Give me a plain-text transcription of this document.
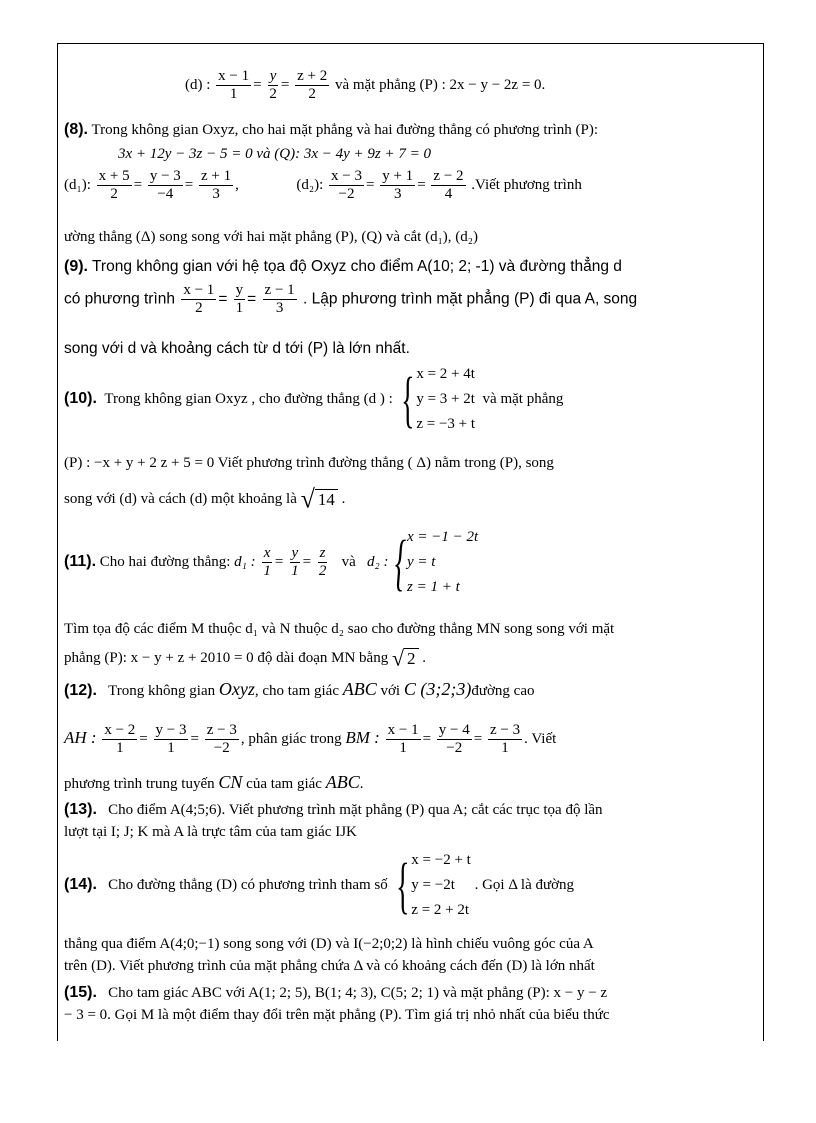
(d) : $\frac{x - 1}{1} = \frac{y}{2} = \frac{z + 2}{2}$ và mặt phẳng (P) : 2x − y − 2z = 0.
(8). Trong không gian Oxyz, cho hai mặt phẳng và hai đường thẳng có phương trình (P):
3x + 12y − 3z − 5 = 0 và (Q): 3x − 4y + 9z + 7 = 0
(d₁): $\frac{x + 5}{2} = \frac{y - 3}{-4} = \frac{z + 1}{3}$ ,	(d₂): $\frac{x - 3}{-2} = \frac{y + 1}{3} = \frac{z - 2}{4}$ .Viết phương trình
ường thẳng (Δ) song song với hai mặt phẳng (P), (Q) và cắt (d₁), (d₂)
(9). Trong không gian với hệ tọa độ Oxyz cho điểm A(10; 2; -1) và đường thẳng d
có phương trình $\frac{x - 1}{2} = \frac{y}{1} = \frac{z - 1}{3}$ . Lập phương trình mặt phẳng (P) đi qua A, song
song với d và khoảng cách từ d tới (P) là lớn nhất.
(10). Trong không gian Oxyz , cho đường thẳng (d ) : { x = 2 + 4t
y = 3 + 2t
z = −3 + t
và mặt phẳng
(P) : −x + y + 2 z + 5 = 0 Viết phương trình đường thẳng ( Δ) nằm trong (P), song
song với (d) và cách (d) một khoảng là √ 14 .
(11). Cho hai đường thẳng: d₁ : $\frac{x}{1} = \frac{y}{1} = \frac{z}{2}$ và d₂ : { x = −1 − 2t
y = t
z = 1 + t
Tìm tọa độ các điểm M thuộc d₁ và N thuộc d₂ sao cho đường thẳng MN song song với mặt
phẳng (P): x − y + z + 2010 = 0 độ dài đoạn MN bằng √ 2 .
(12). Trong không gian Oxyz, cho tam giác ABC với C (3;2;3)đường cao
AH : $\frac{x - 2}{1} = \frac{y - 3}{1} = \frac{z - 3}{-2}$ , phân giác trong BM : $\frac{x - 1}{1} = \frac{y - 4}{-2} = \frac{z - 3}{1}$ . Viết
phương trình trung tuyến CN của tam giác ABC.
(13). Cho điểm A(4;5;6). Viết phương trình mặt phẳng (P) qua A; cắt các trục tọa độ lần
lượt tại I; J; K mà A là trực tâm của tam giác IJK
(14). Cho đường thẳng (D) có phương trình tham số { x = −2 + t
y = −2t
z = 2 + 2t
. Gọi Δ là đường
thẳng qua điểm A(4;0;−1) song song với (D) và I(−2;0;2) là hình chiếu vuông góc của A
trên (D). Viết phương trình của mặt phẳng chứa Δ và có khoảng cách đến (D) là lớn nhất
(15). Cho tam giác ABC với A(1; 2; 5), B(1; 4; 3), C(5; 2; 1) và mặt phẳng (P): x − y − z
− 3 = 0. Gọi M là một điểm thay đổi trên mặt phẳng (P). Tìm giá trị nhỏ nhất của biểu thức
